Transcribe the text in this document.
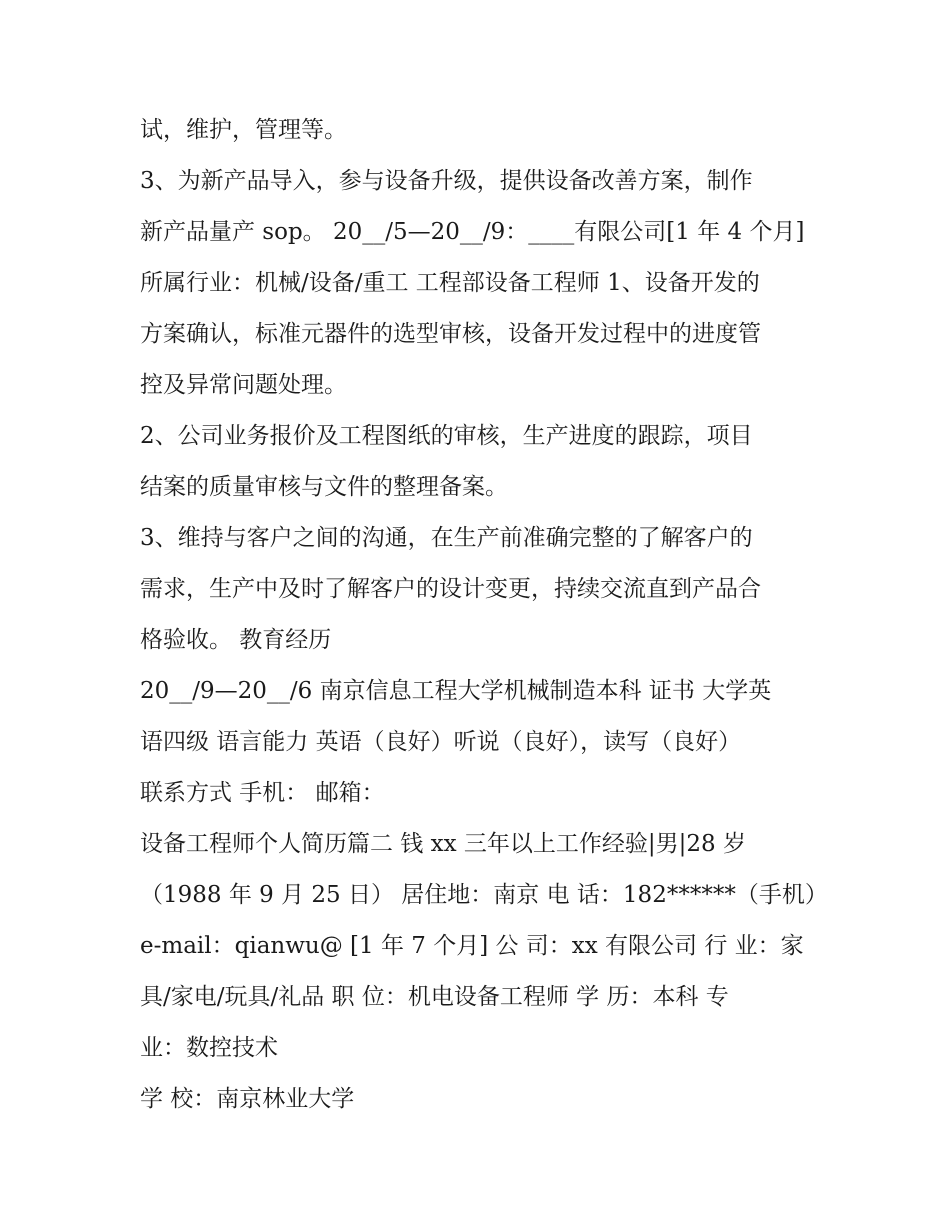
试，维护，管理等。
3、为新产品导入，参与设备升级，提供设备改善方案，制作
新产品量产 sop。 20__/5—20__/9：____有限公司[1 年 4 个月]
所属行业：机械/设备/重工 工程部设备工程师 1、设备开发的
方案确认，标准元器件的选型审核，设备开发过程中的进度管
控及异常问题处理。
2、公司业务报价及工程图纸的审核，生产进度的跟踪，项目
结案的质量审核与文件的整理备案。
3、维持与客户之间的沟通，在生产前准确完整的了解客户的
需求，生产中及时了解客户的设计变更，持续交流直到产品合
格验收。 教育经历
20__/9—20__/6 南京信息工程大学机械制造本科 证书 大学英
语四级 语言能力 英语（良好）听说（良好），读写（良好）
联系方式 手机： 邮箱：
设备工程师个人简历篇二 钱 xx 三年以上工作经验|男|28 岁
（1988 年 9 月 25 日） 居住地：南京 电 话：182******（手机）
e-mail：qianwu@ [1 年 7 个月] 公 司：xx 有限公司 行 业：家
具/家电/玩具/礼品 职 位：机电设备工程师 学 历：本科 专
业：数控技术
学 校：南京林业大学
